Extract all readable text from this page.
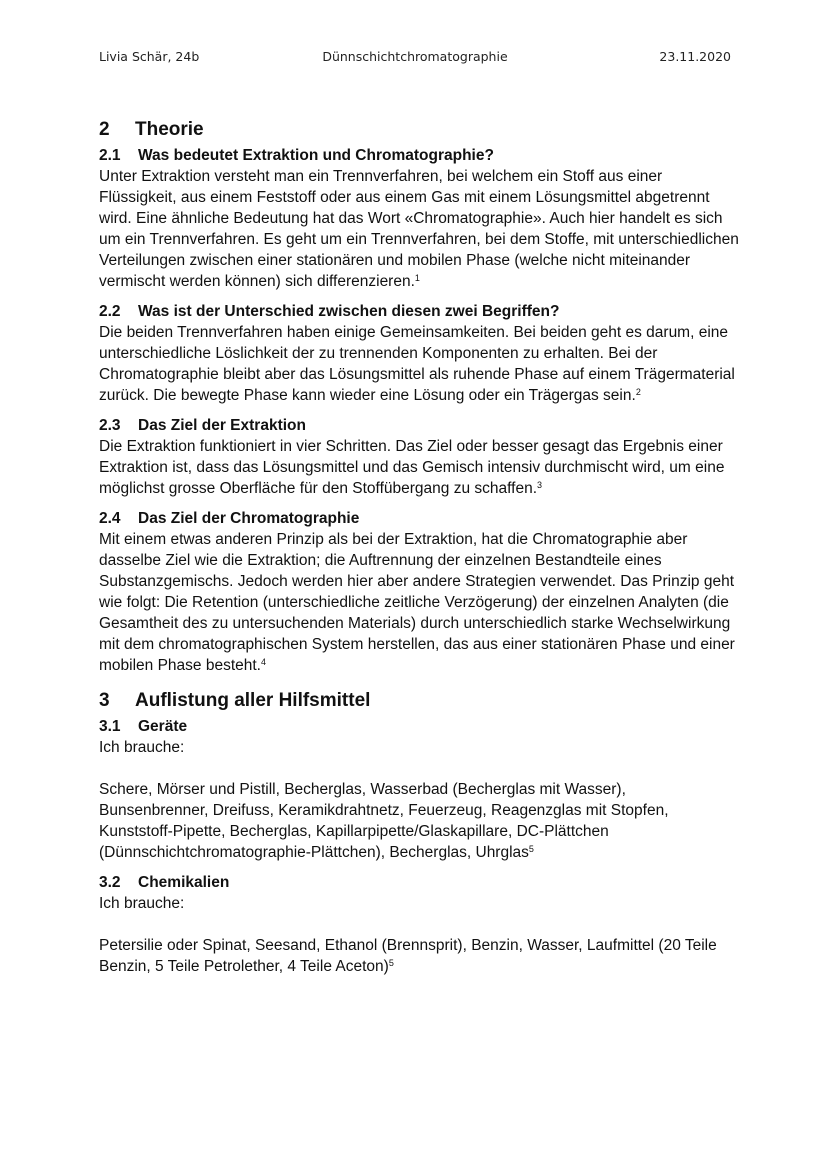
Livia Schär, 24b	Dünnschichtchromatographie	23.11.2020
2 Theorie
2.1 Was bedeutet Extraktion und Chromatographie?

Unter Extraktion versteht man ein Trennverfahren, bei welchem ein Stoff aus einer Flüssigkeit, aus einem Feststoff oder aus einem Gas mit einem Lösungsmittel abgetrennt wird. Eine ähnliche Bedeutung hat das Wort «Chromatographie». Auch hier handelt es sich um ein Trennverfahren. Es geht um ein Trennverfahren, bei dem Stoffe, mit unterschiedlichen Verteilungen zwischen einer stationären und mobilen Phase (welche nicht miteinander vermischt werden können) sich differenzieren.$^1$

2.2 Was ist der Unterschied zwischen diesen zwei Begriffen?

Die beiden Trennverfahren haben einige Gemeinsamkeiten. Bei beiden geht es darum, eine unterschiedliche Löslichkeit der zu trennenden Komponenten zu erhalten. Bei der Chromatographie bleibt aber das Lösungsmittel als ruhende Phase auf einem Trägermaterial zurück. Die bewegte Phase kann wieder eine Lösung oder ein Trägergas sein.$^2$

2.3 Das Ziel der Extraktion

Die Extraktion funktioniert in vier Schritten. Das Ziel oder besser gesagt das Ergebnis einer Extraktion ist, dass das Lösungsmittel und das Gemisch intensiv durchmischt wird, um eine möglichst grosse Oberfläche für den Stoffübergang zu schaffen.$^3$

2.4 Das Ziel der Chromatographie

Mit einem etwas anderen Prinzip als bei der Extraktion, hat die Chromatographie aber dasselbe Ziel wie die Extraktion; die Auftrennung der einzelnen Bestandteile eines Substanzgemischs. Jedoch werden hier aber andere Strategien verwendet. Das Prinzip geht wie folgt: Die Retention (unterschiedliche zeitliche Verzögerung) der einzelnen Analyten (die Gesamtheit des zu untersuchenden Materials) durch unterschiedlich starke Wechselwirkung mit dem chromatographischen System herstellen, das aus einer stationären Phase und einer mobilen Phase besteht.$^4$

3 Auflistung aller Hilfsmittel
3.1 Geräte

Ich brauche:

Schere, Mörser und Pistill, Becherglas, Wasserbad (Becherglas mit Wasser), Bunsenbrenner, Dreifuss, Keramikdrahtnetz, Feuerzeug, Reagenzglas mit Stopfen, Kunststoff-Pipette, Becherglas, Kapillarpipette/Glaskapillare, DC-Plättchen (Dünnschichtchromatographie-Plättchen), Becherglas, Uhrglas$^5$

3.2 Chemikalien

Ich brauche:

Petersilie oder Spinat, Seesand, Ethanol (Brennsprit), Benzin, Wasser, Laufmittel (20 Teile Benzin, 5 Teile Petrolether, 4 Teile Aceton)$^5$
